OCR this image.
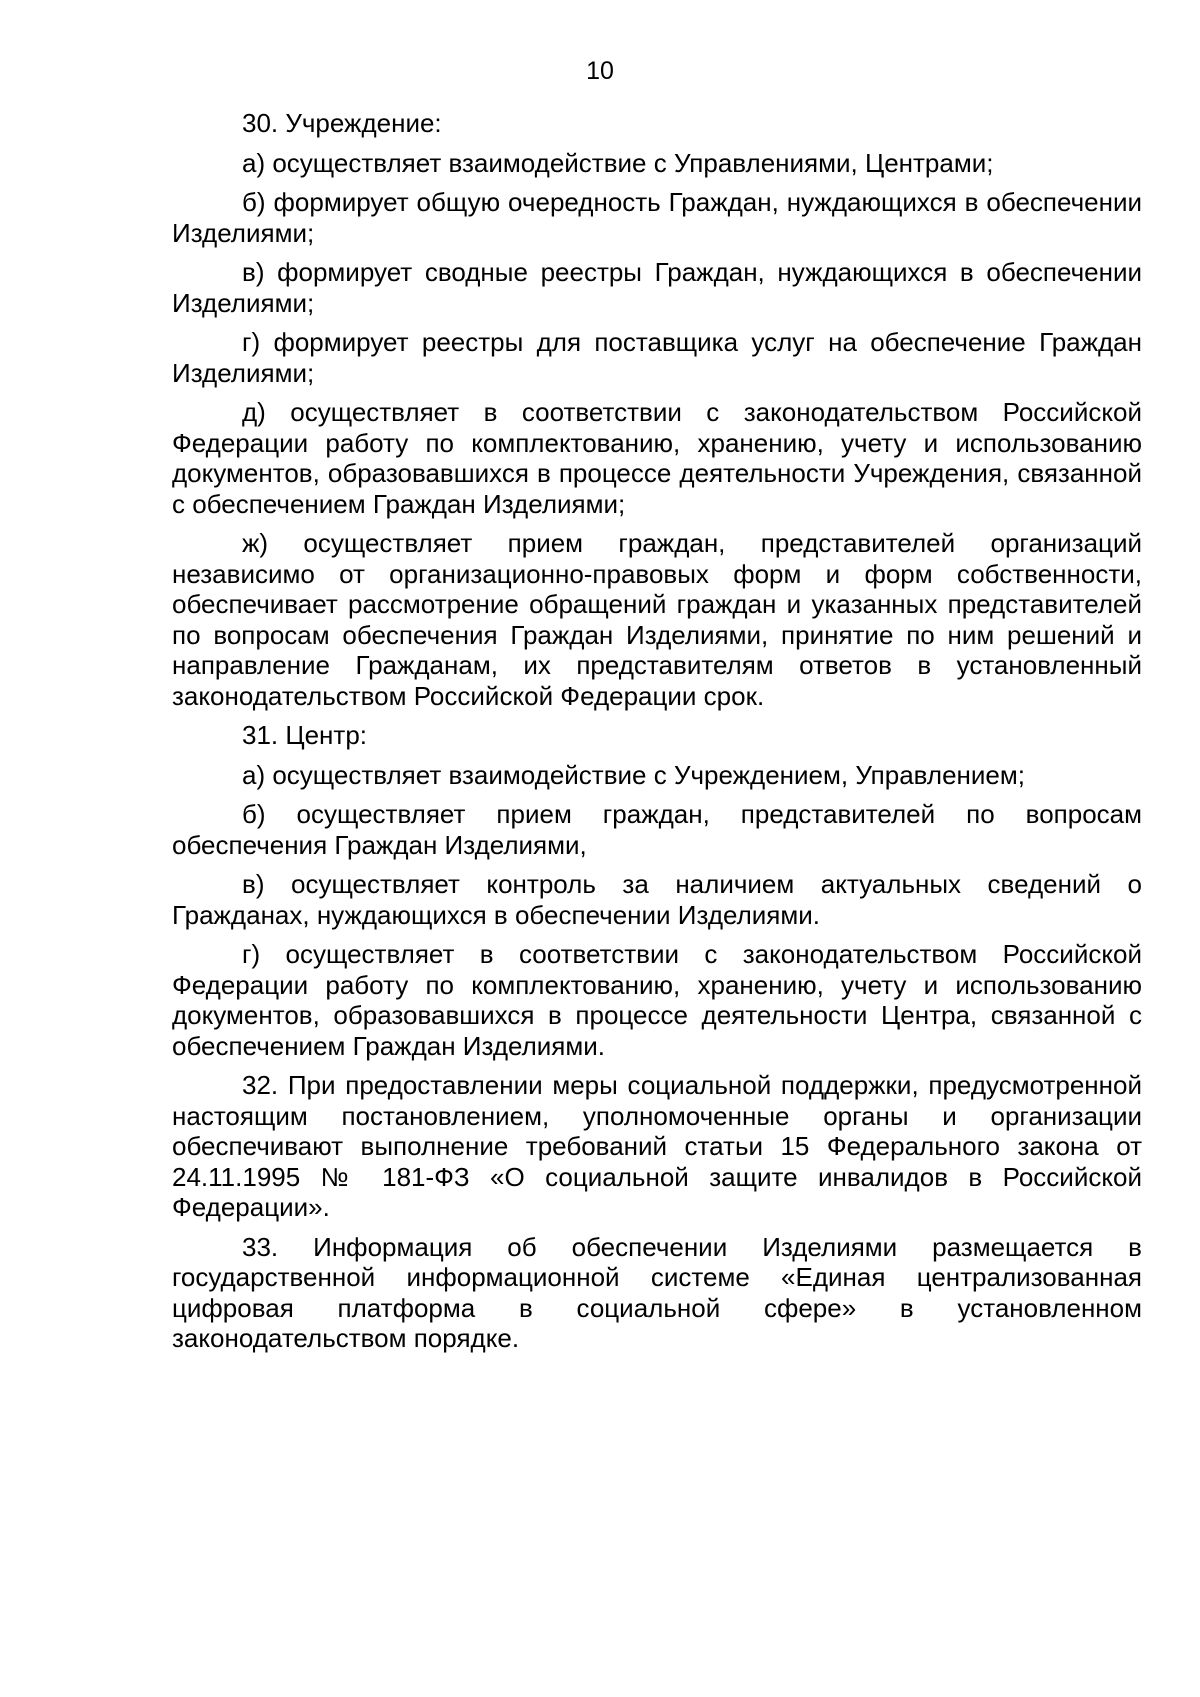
10

30. Учреждение:

а) осуществляет взаимодействие с Управлениями, Центрами;

б) формирует общую очередность Граждан, нуждающихся в обеспечении Изделиями;

в) формирует сводные реестры Граждан, нуждающихся в обеспечении Изделиями;

г) формирует реестры для поставщика услуг на обеспечение Граждан Изделиями;

д) осуществляет в соответствии с законодательством Российской Федерации работу по комплектованию, хранению, учету и использованию документов, образовавшихся в процессе деятельности Учреждения, связанной с обеспечением Граждан Изделиями;

ж) осуществляет прием граждан, представителей организаций независимо от организационно-правовых форм и форм собственности, обеспечивает рассмотрение обращений граждан и указанных представителей по вопросам обеспечения Граждан Изделиями, принятие по ним решений и направление Гражданам, их представителям ответов в установленный законодательством Российской Федерации срок.

31. Центр:

а) осуществляет взаимодействие с Учреждением, Управлением;

б) осуществляет прием граждан, представителей по вопросам обеспечения Граждан Изделиями,

в) осуществляет контроль за наличием актуальных сведений о Гражданах, нуждающихся в обеспечении Изделиями.

г) осуществляет в соответствии с законодательством Российской Федерации работу по комплектованию, хранению, учету и использованию документов, образовавшихся в процессе деятельности Центра, связанной с обеспечением Граждан Изделиями.

32. При предоставлении меры социальной поддержки, предусмотренной настоящим постановлением, уполномоченные органы и организации обеспечивают выполнение требований статьи 15 Федерального закона от 24.11.1995 № 181-ФЗ «О социальной защите инвалидов в Российской Федерации».

33. Информация об обеспечении Изделиями размещается в государственной информационной системе «Единая централизованная цифровая платформа в социальной сфере» в установленном законодательством порядке.
